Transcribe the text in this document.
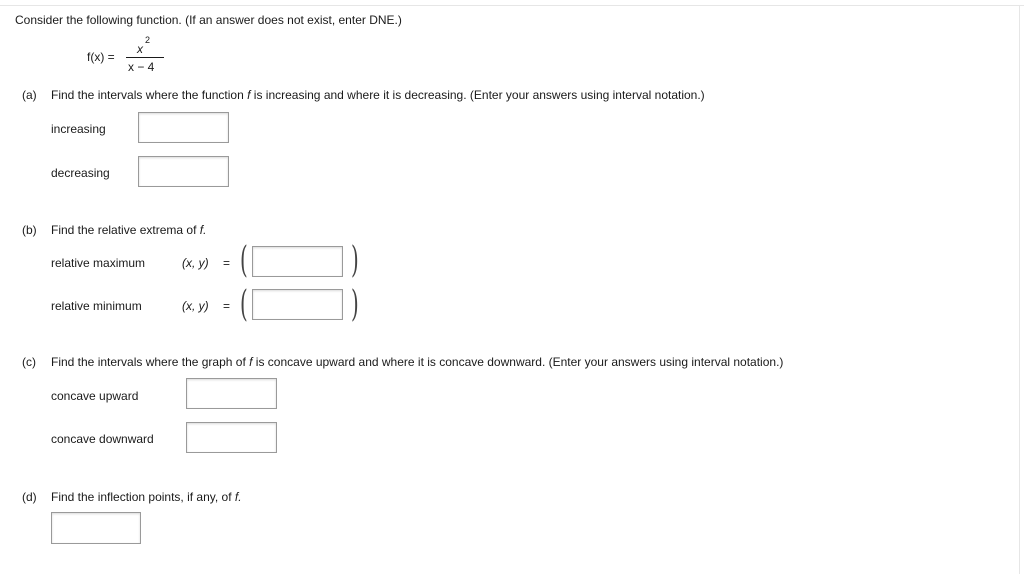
Consider the following function. (If an answer does not exist, enter DNE.)
f(x) =
x
2
x − 4
(a) Find the intervals where the function f is increasing and where it is decreasing. (Enter your answers using interval notation.)
increasing
decreasing
(b) Find the relative extrema of f.
relative maximum	(x, y) = (	)
relative minimum	(x, y) = (	)
(c) Find the intervals where the graph of f is concave upward and where it is concave downward. (Enter your answers using interval notation.)
concave upward
concave downward
(d) Find the inflection points, if any, of f.
